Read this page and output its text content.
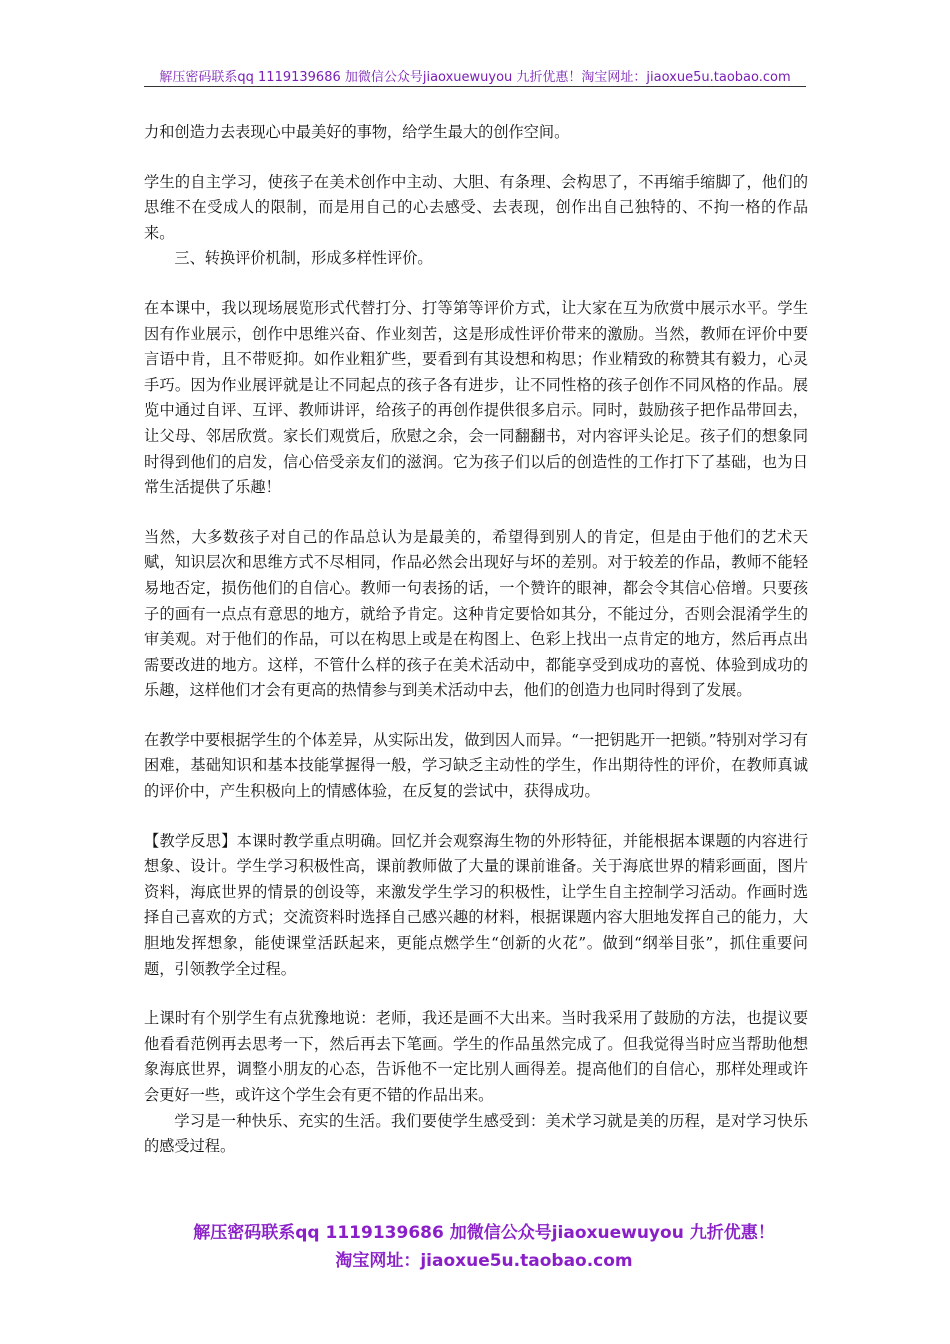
解压密码联系qq 1119139686 加微信公众号jiaoxuewuyou 九折优惠！淘宝网址：jiaoxue5u.taobao.com

力和创造力去表现心中最美好的事物，给学生最大的创作空间。

学生的自主学习，使孩子在美术创作中主动、大胆、有条理、会构思了，不再缩手缩脚了，他们的思维不在受成人的限制，而是用自己的心去感受、去表现，创作出自己独特的、不拘一格的作品来。

三、转换评价机制，形成多样性评价。

在本课中，我以现场展览形式代替打分、打等第等评价方式，让大家在互为欣赏中展示水平。学生因有作业展示，创作中思维兴奋、作业刻苦，这是形成性评价带来的激励。当然，教师在评价中要言语中肯，且不带贬抑。如作业粗犷些，要看到有其设想和构思；作业精致的称赞其有毅力，心灵手巧。因为作业展评就是让不同起点的孩子各有进步，让不同性格的孩子创作不同风格的作品。展览中通过自评、互评、教师讲评，给孩子的再创作提供很多启示。同时，鼓励孩子把作品带回去，让父母、邻居欣赏。家长们观赏后，欣慰之余，会一同翻翻书，对内容评头论足。孩子们的想象同时得到他们的启发，信心倍受亲友们的滋润。它为孩子们以后的创造性的工作打下了基础，也为日常生活提供了乐趣！

当然，大多数孩子对自己的作品总认为是最美的，希望得到别人的肯定，但是由于他们的艺术天赋，知识层次和思维方式不尽相同，作品必然会出现好与坏的差别。对于较差的作品，教师不能轻易地否定，损伤他们的自信心。教师一句表扬的话，一个赞许的眼神，都会令其信心倍增。只要孩子的画有一点点有意思的地方，就给予肯定。这种肯定要恰如其分，不能过分，否则会混淆学生的审美观。对于他们的作品，可以在构思上或是在构图上、色彩上找出一点肯定的地方，然后再点出需要改进的地方。这样，不管什么样的孩子在美术活动中，都能享受到成功的喜悦、体验到成功的乐趣，这样他们才会有更高的热情参与到美术活动中去，他们的创造力也同时得到了发展。

在教学中要根据学生的个体差异，从实际出发，做到因人而异。“一把钥匙开一把锁。”特别对学习有困难，基础知识和基本技能掌握得一般，学习缺乏主动性的学生，作出期待性的评价，在教师真诚的评价中，产生积极向上的情感体验，在反复的尝试中，获得成功。

【教学反思】本课时教学重点明确。回忆并会观察海生物的外形特征，并能根据本课题的内容进行想象、设计。学生学习积极性高，课前教师做了大量的课前谁备。关于海底世界的精彩画面，图片资料，海底世界的情景的创设等，来激发学生学习的积极性，让学生自主控制学习活动。作画时选择自己喜欢的方式；交流资料时选择自己感兴趣的材料，根据课题内容大胆地发挥自己的能力，大胆地发挥想象，能使课堂活跃起来，更能点燃学生“创新的火花”。做到“纲举目张”，抓住重要问题，引领教学全过程。

上课时有个别学生有点犹豫地说：老师，我还是画不大出来。当时我采用了鼓励的方法，也提议要他看看范例再去思考一下，然后再去下笔画。学生的作品虽然完成了。但我觉得当时应当帮助他想象海底世界，调整小朋友的心态，告诉他不一定比别人画得差。提高他们的自信心，那样处理或许会更好一些，或许这个学生会有更不错的作品出来。

学习是一种快乐、充实的生活。我们要使学生感受到：美术学习就是美的历程，是对学习快乐的感受过程。

解压密码联系qq 1119139686 加微信公众号jiaoxuewuyou 九折优惠！
淘宝网址：jiaoxue5u.taobao.com
